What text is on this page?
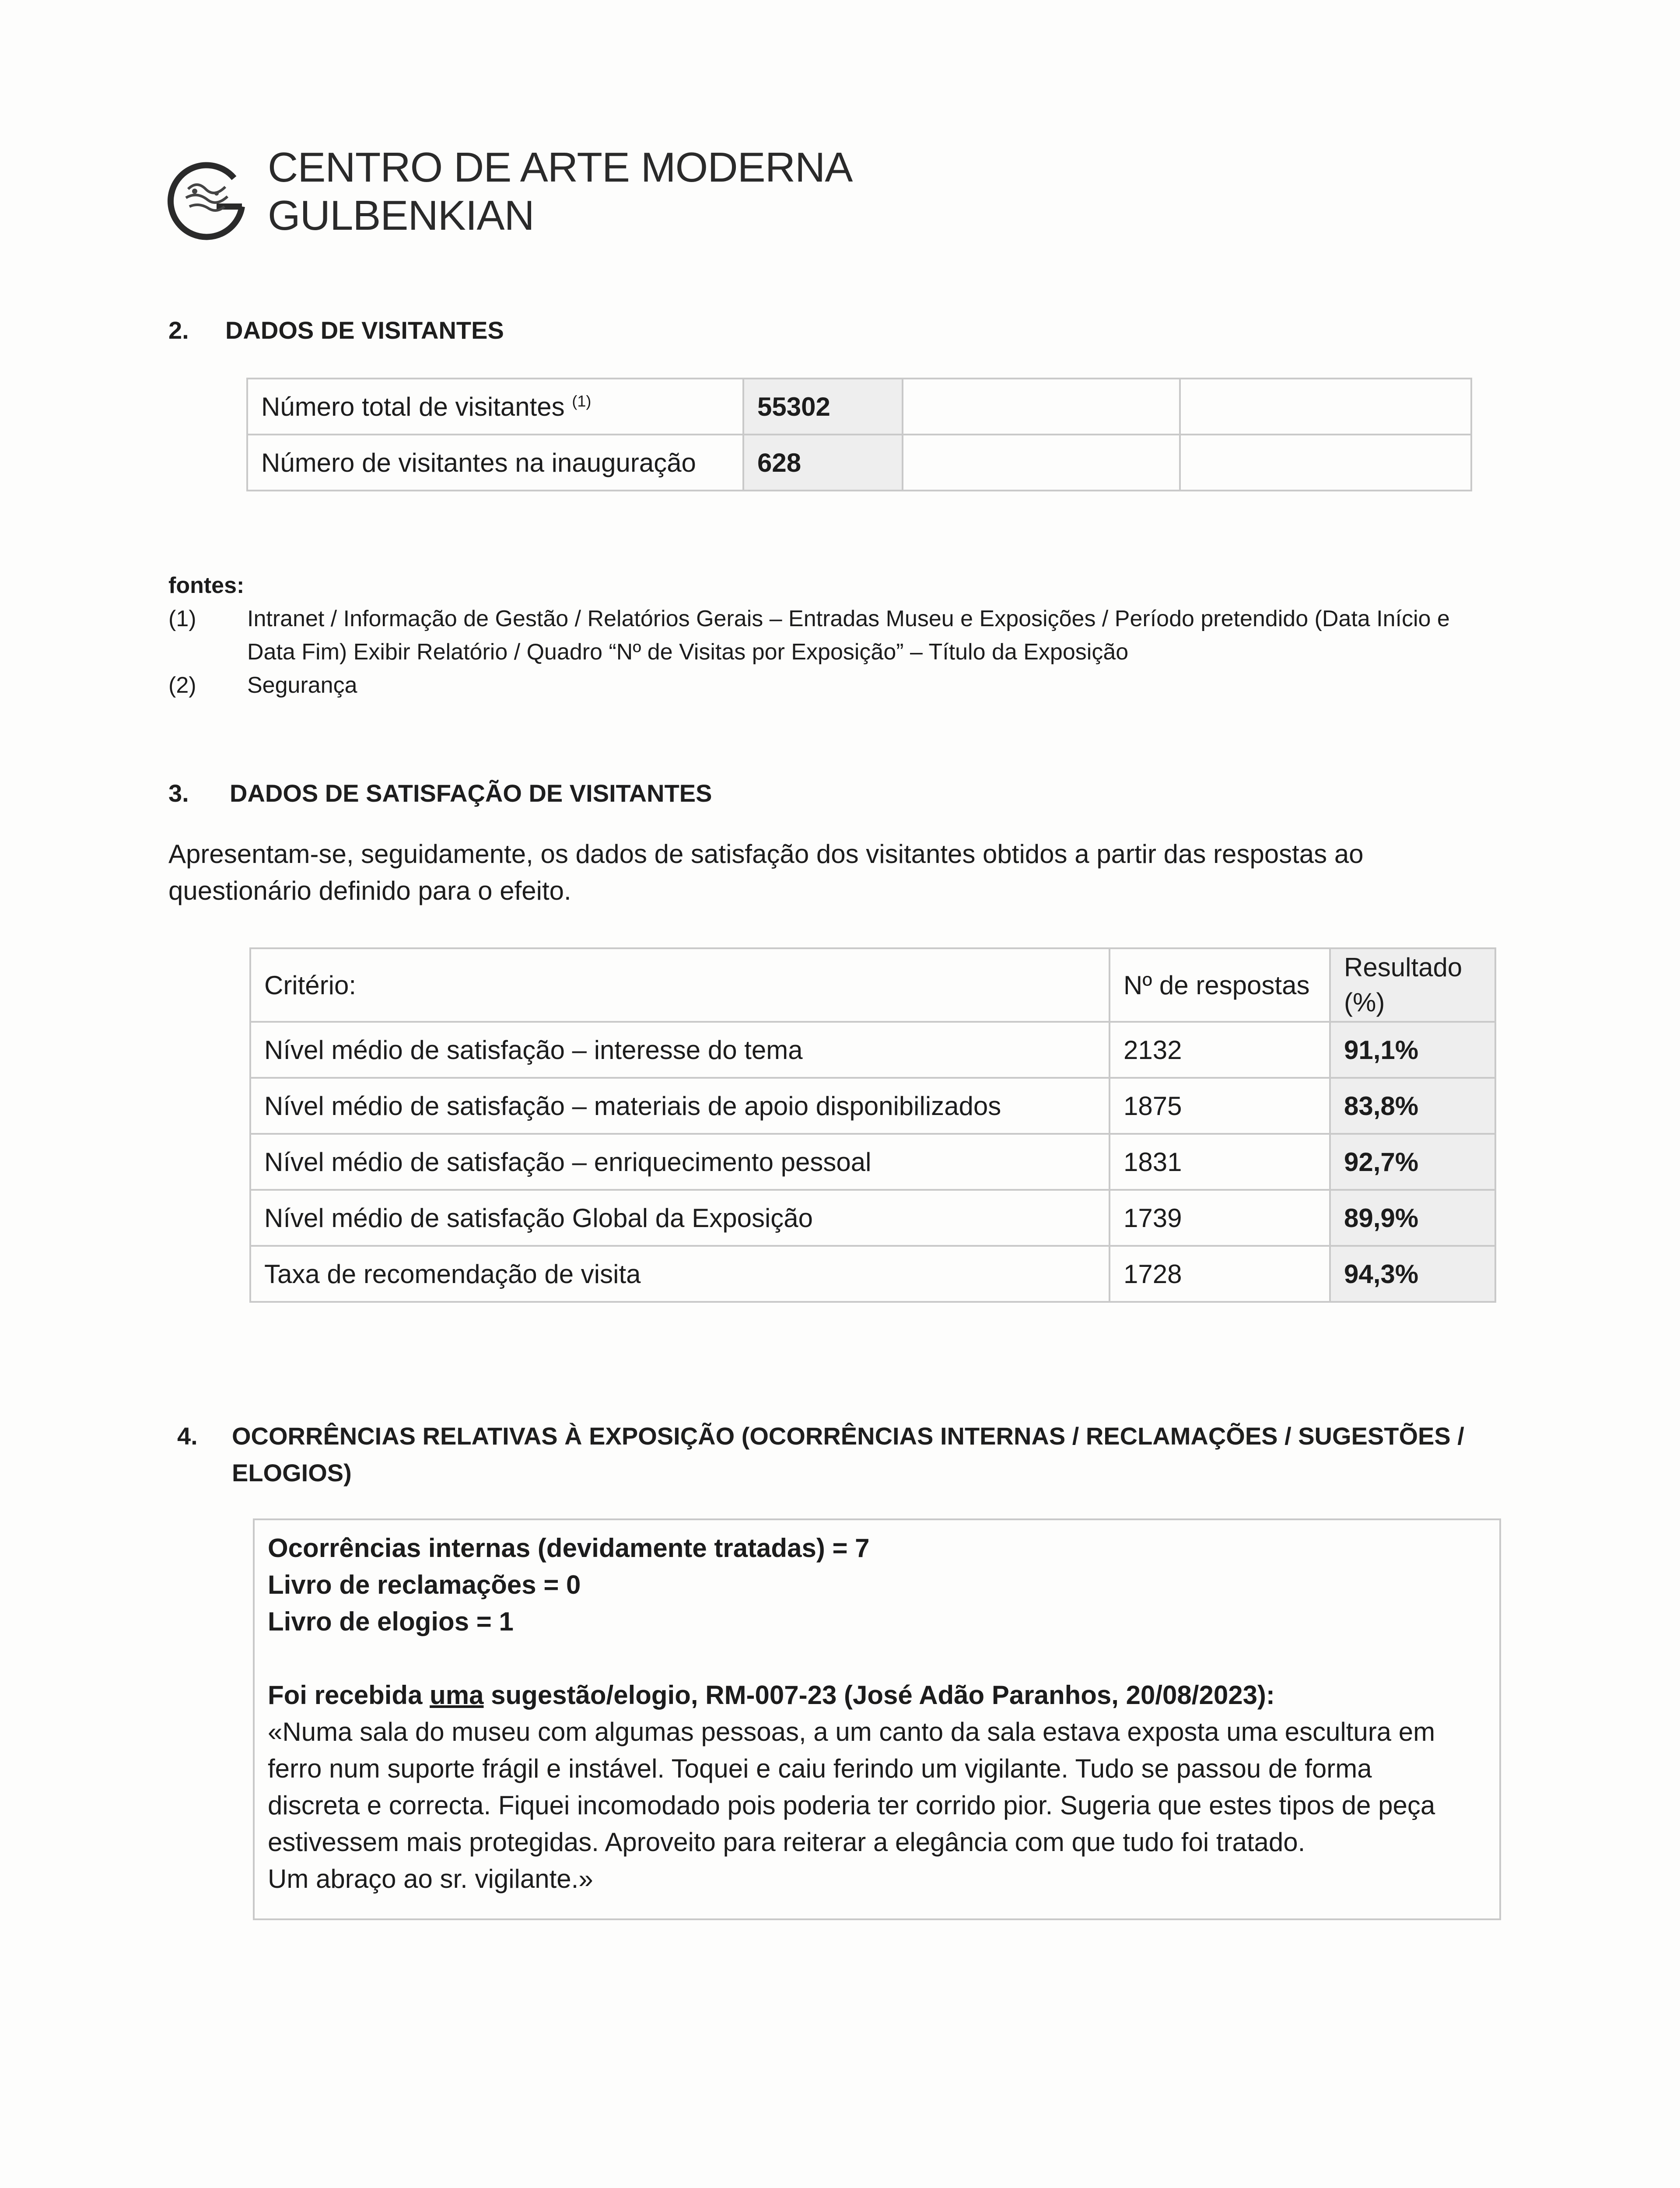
CENTRO DE ARTE MODERNA
GULBENKIAN
2. DADOS DE VISITANTES
Número total de visitantes $^{(1)}$	55302		
Número de visitantes na inauguração	628		
fontes:
(1) Intranet / Informação de Gestão / Relatórios Gerais – Entradas Museu e Exposições / Período pretendido (Data Início e Data Fim) Exibir Relatório / Quadro “Nº de Visitas por Exposição” – Título da Exposição
(2) Segurança
3. DADOS DE SATISFAÇÃO DE VISITANTES
Apresentam-se, seguidamente, os dados de satisfação dos visitantes obtidos a partir das respostas ao questionário definido para o efeito.
Critério:	Nº de respostas	Resultado (%)
Nível médio de satisfação – interesse do tema	2132	91,1%
Nível médio de satisfação – materiais de apoio disponibilizados	1875	83,8%
Nível médio de satisfação – enriquecimento pessoal	1831	92,7%
Nível médio de satisfação Global da Exposição	1739	89,9%
Taxa de recomendação de visita	1728	94,3%
4. OCORRÊNCIAS RELATIVAS À EXPOSIÇÃO (OCORRÊNCIAS INTERNAS / RECLAMAÇÕES / SUGESTÕES /
ELOGIOS)
Ocorrências internas (devidamente tratadas) = 7
Livro de reclamações = 0
Livro de elogios = 1
Foi recebida uma sugestão/elogio, RM-007-23 (José Adão Paranhos, 20/08/2023):
«Numa sala do museu com algumas pessoas, a um canto da sala estava exposta uma escultura em
ferro num suporte frágil e instável. Toquei e caiu ferindo um vigilante. Tudo se passou de forma
discreta e correcta. Fiquei incomodado pois poderia ter corrido pior. Sugeria que estes tipos de peça
estivessem mais protegidas. Aproveito para reiterar a elegância com que tudo foi tratado.
Um abraço ao sr. vigilante.»
